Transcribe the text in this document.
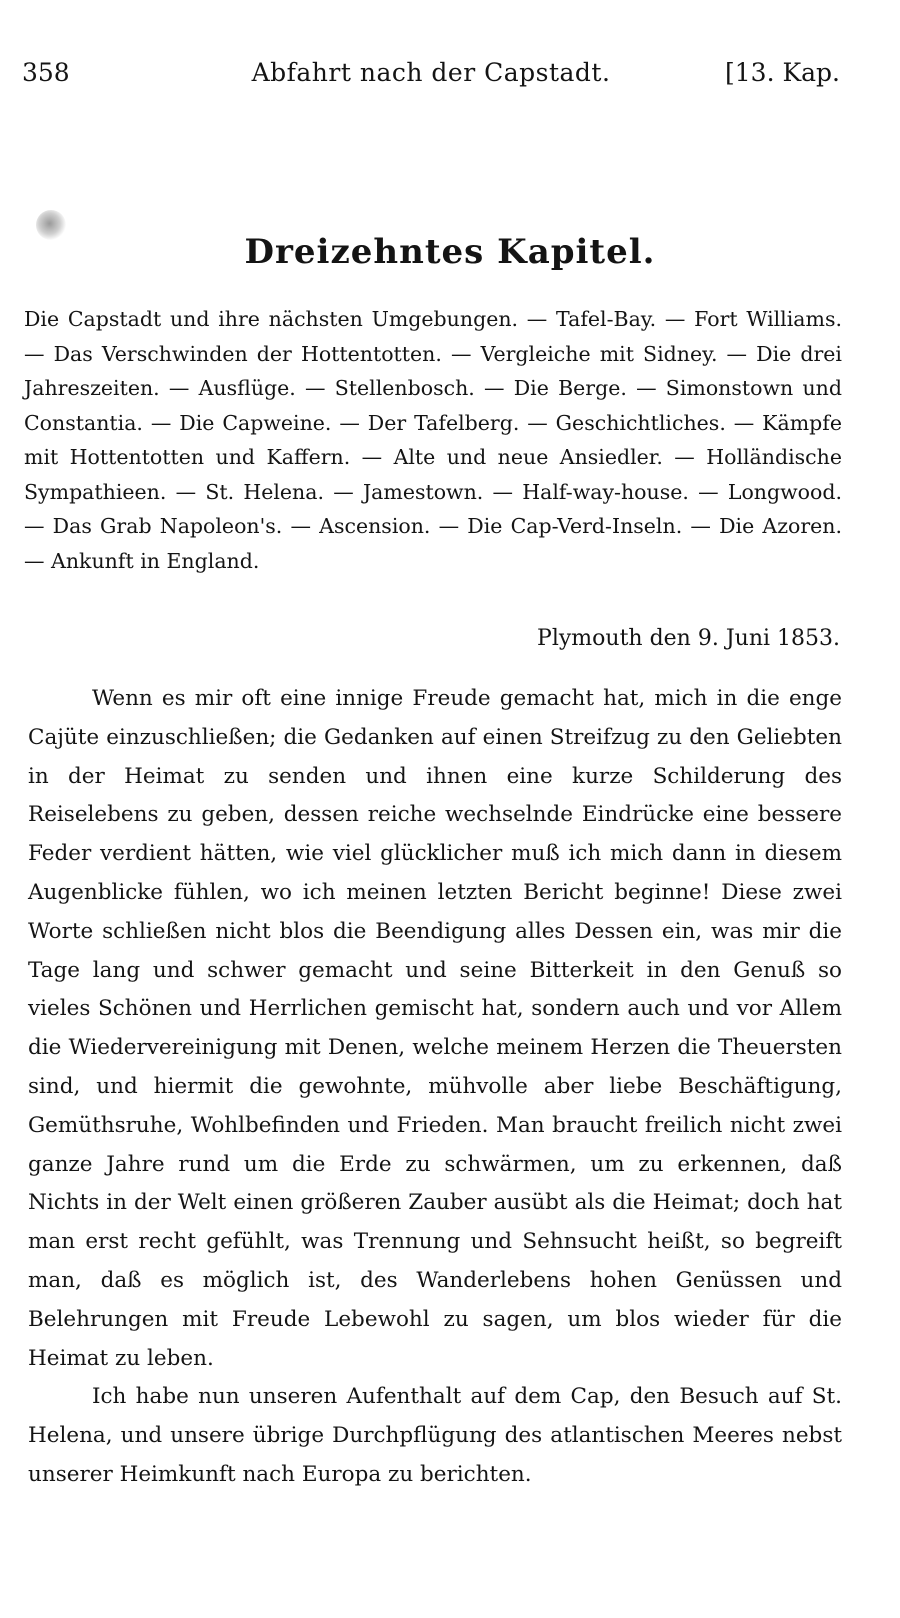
358	Abfahrt nach der Capstadt.	[13. Kap.
Dreizehntes Kapitel.
Die Capstadt und ihre nächsten Umgebungen. — Tafel-Bay. — Fort Williams. — Das Verschwinden der Hottentotten. — Vergleiche mit Sidney. — Die drei Jahreszeiten. — Ausflüge. — Stellenbosch. — Die Berge. — Simonstown und Constantia. — Die Capweine. — Der Tafelberg. — Geschichtliches. — Kämpfe mit Hottentotten und Kaffern. — Alte und neue Ansiedler. — Holländische Sympathieen. — St. Helena. — Jamestown. — Half-way-house. — Longwood. — Das Grab Napoleon's. — Ascension. — Die Cap-Verd-Inseln. — Die Azoren. — Ankunft in England.
Plymouth den 9. Juni 1853.

Wenn es mir oft eine innige Freude gemacht hat, mich in die enge Cajüte einzuschließen; die Gedanken auf einen Streifzug zu den Geliebten in der Heimat zu senden und ihnen eine kurze Schilderung des Reiselebens zu geben, dessen reiche wechselnde Eindrücke eine bessere Feder verdient hätten, wie viel glücklicher muß ich mich dann in diesem Augenblicke fühlen, wo ich meinen letzten Bericht beginne! Diese zwei Worte schließen nicht blos die Beendigung alles Dessen ein, was mir die Tage lang und schwer gemacht und seine Bitterkeit in den Genuß so vieles Schönen und Herrlichen gemischt hat, sondern auch und vor Allem die Wiedervereinigung mit Denen, welche meinem Herzen die Theuersten sind, und hiermit die gewohnte, mühvolle aber liebe Beschäftigung, Gemüthsruhe, Wohlbefinden und Frieden. Man braucht freilich nicht zwei ganze Jahre rund um die Erde zu schwärmen, um zu erkennen, daß Nichts in der Welt einen größeren Zauber ausübt als die Heimat; doch hat man erst recht gefühlt, was Trennung und Sehnsucht heißt, so begreift man, daß es möglich ist, des Wanderlebens hohen Genüssen und Belehrungen mit Freude Lebewohl zu sagen, um blos wieder für die Heimat zu leben.

Ich habe nun unseren Aufenthalt auf dem Cap, den Besuch auf St. Helena, und unsere übrige Durchpflügung des atlantischen Meeres nebst unserer Heimkunft nach Europa zu berichten.
